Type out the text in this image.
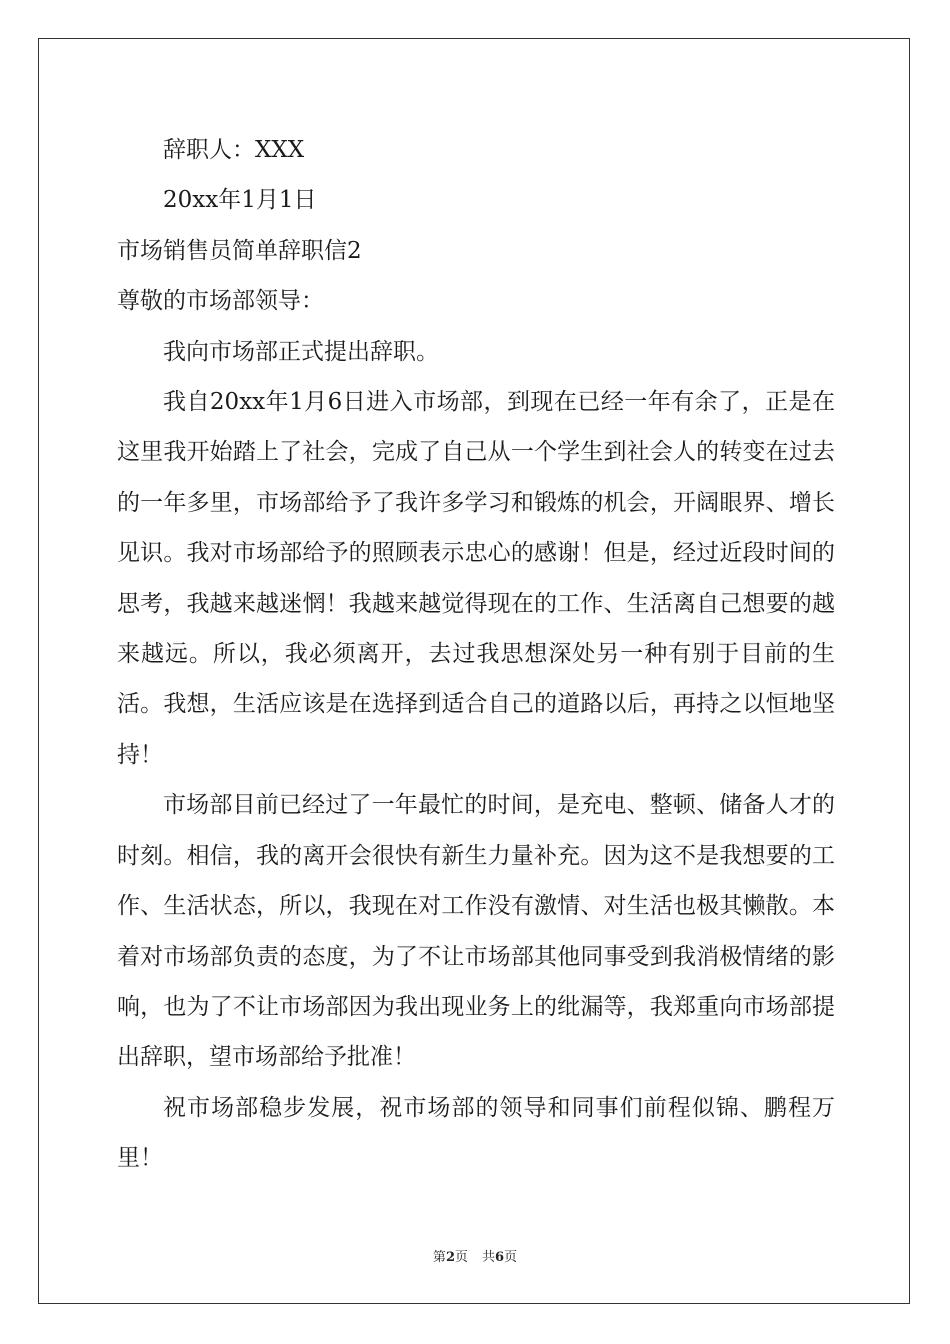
辞职人：XXX

20xx年1月1日

市场销售员简单辞职信2

尊敬的市场部领导：

我向市场部正式提出辞职。

我自20xx年1月6日进入市场部，到现在已经一年有余了，正是在这里我开始踏上了社会，完成了自己从一个学生到社会人的转变在过去的一年多里，市场部给予了我许多学习和锻炼的机会，开阔眼界、增长见识。我对市场部给予的照顾表示忠心的感谢！但是，经过近段时间的思考，我越来越迷惘！我越来越觉得现在的工作、生活离自己想要的越来越远。所以，我必须离开，去过我思想深处另一种有别于目前的生活。我想，生活应该是在选择到适合自己的道路以后，再持之以恒地坚持！

市场部目前已经过了一年最忙的时间，是充电、整顿、储备人才的时刻。相信，我的离开会很快有新生力量补充。因为这不是我想要的工作、生活状态，所以，我现在对工作没有激情、对生活也极其懒散。本着对市场部负责的态度，为了不让市场部其他同事受到我消极情绪的影响，也为了不让市场部因为我出现业务上的纰漏等，我郑重向市场部提出辞职，望市场部给予批准！

祝市场部稳步发展，祝市场部的领导和同事们前程似锦、鹏程万里！

第2页 共6页
